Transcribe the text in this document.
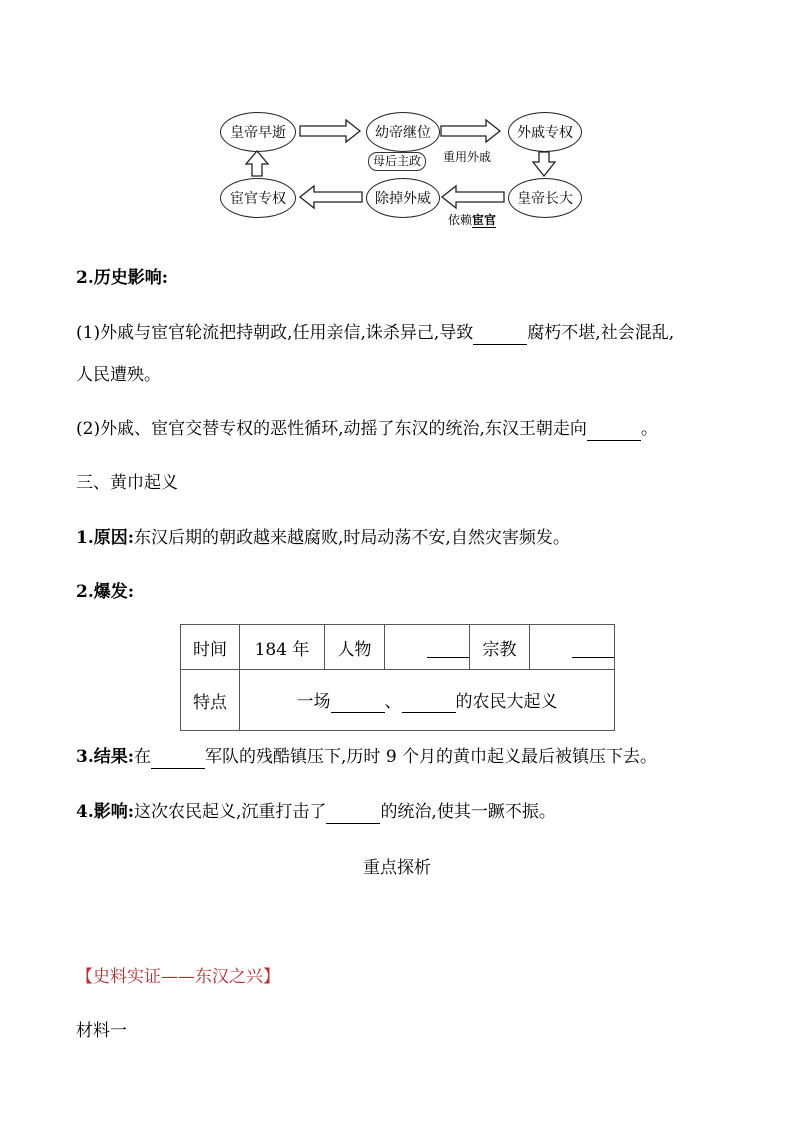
皇帝早逝	幼帝继位	外戚专权
皇帝长大
除掉外威
宦官专权
母后主政	重用外戚
依赖宦官
2.历史影响:
(1)外戚与宦官轮流把持朝政,任用亲信,诛杀异己,导致	腐朽不堪,社会混乱,
人民遭殃。
(2)外戚、宦官交替专权的恶性循环,动摇了东汉的统治,东汉王朝走向	。
三、黄巾起义
1.原因:东汉后期的朝政越来越腐败,时局动荡不安,自然灾害频发。
2.爆发:
时间	184 年	人物		宗教	
特点	一场 、 的农民大起义				
3.结果:在	军队的残酷镇压下,历时 9 个月的黄巾起义最后被镇压下去。
4.影响:这次农民起义,沉重打击了	的统治,使其一蹶不振。
重点探析
【史料实证——东汉之兴】
材料一
